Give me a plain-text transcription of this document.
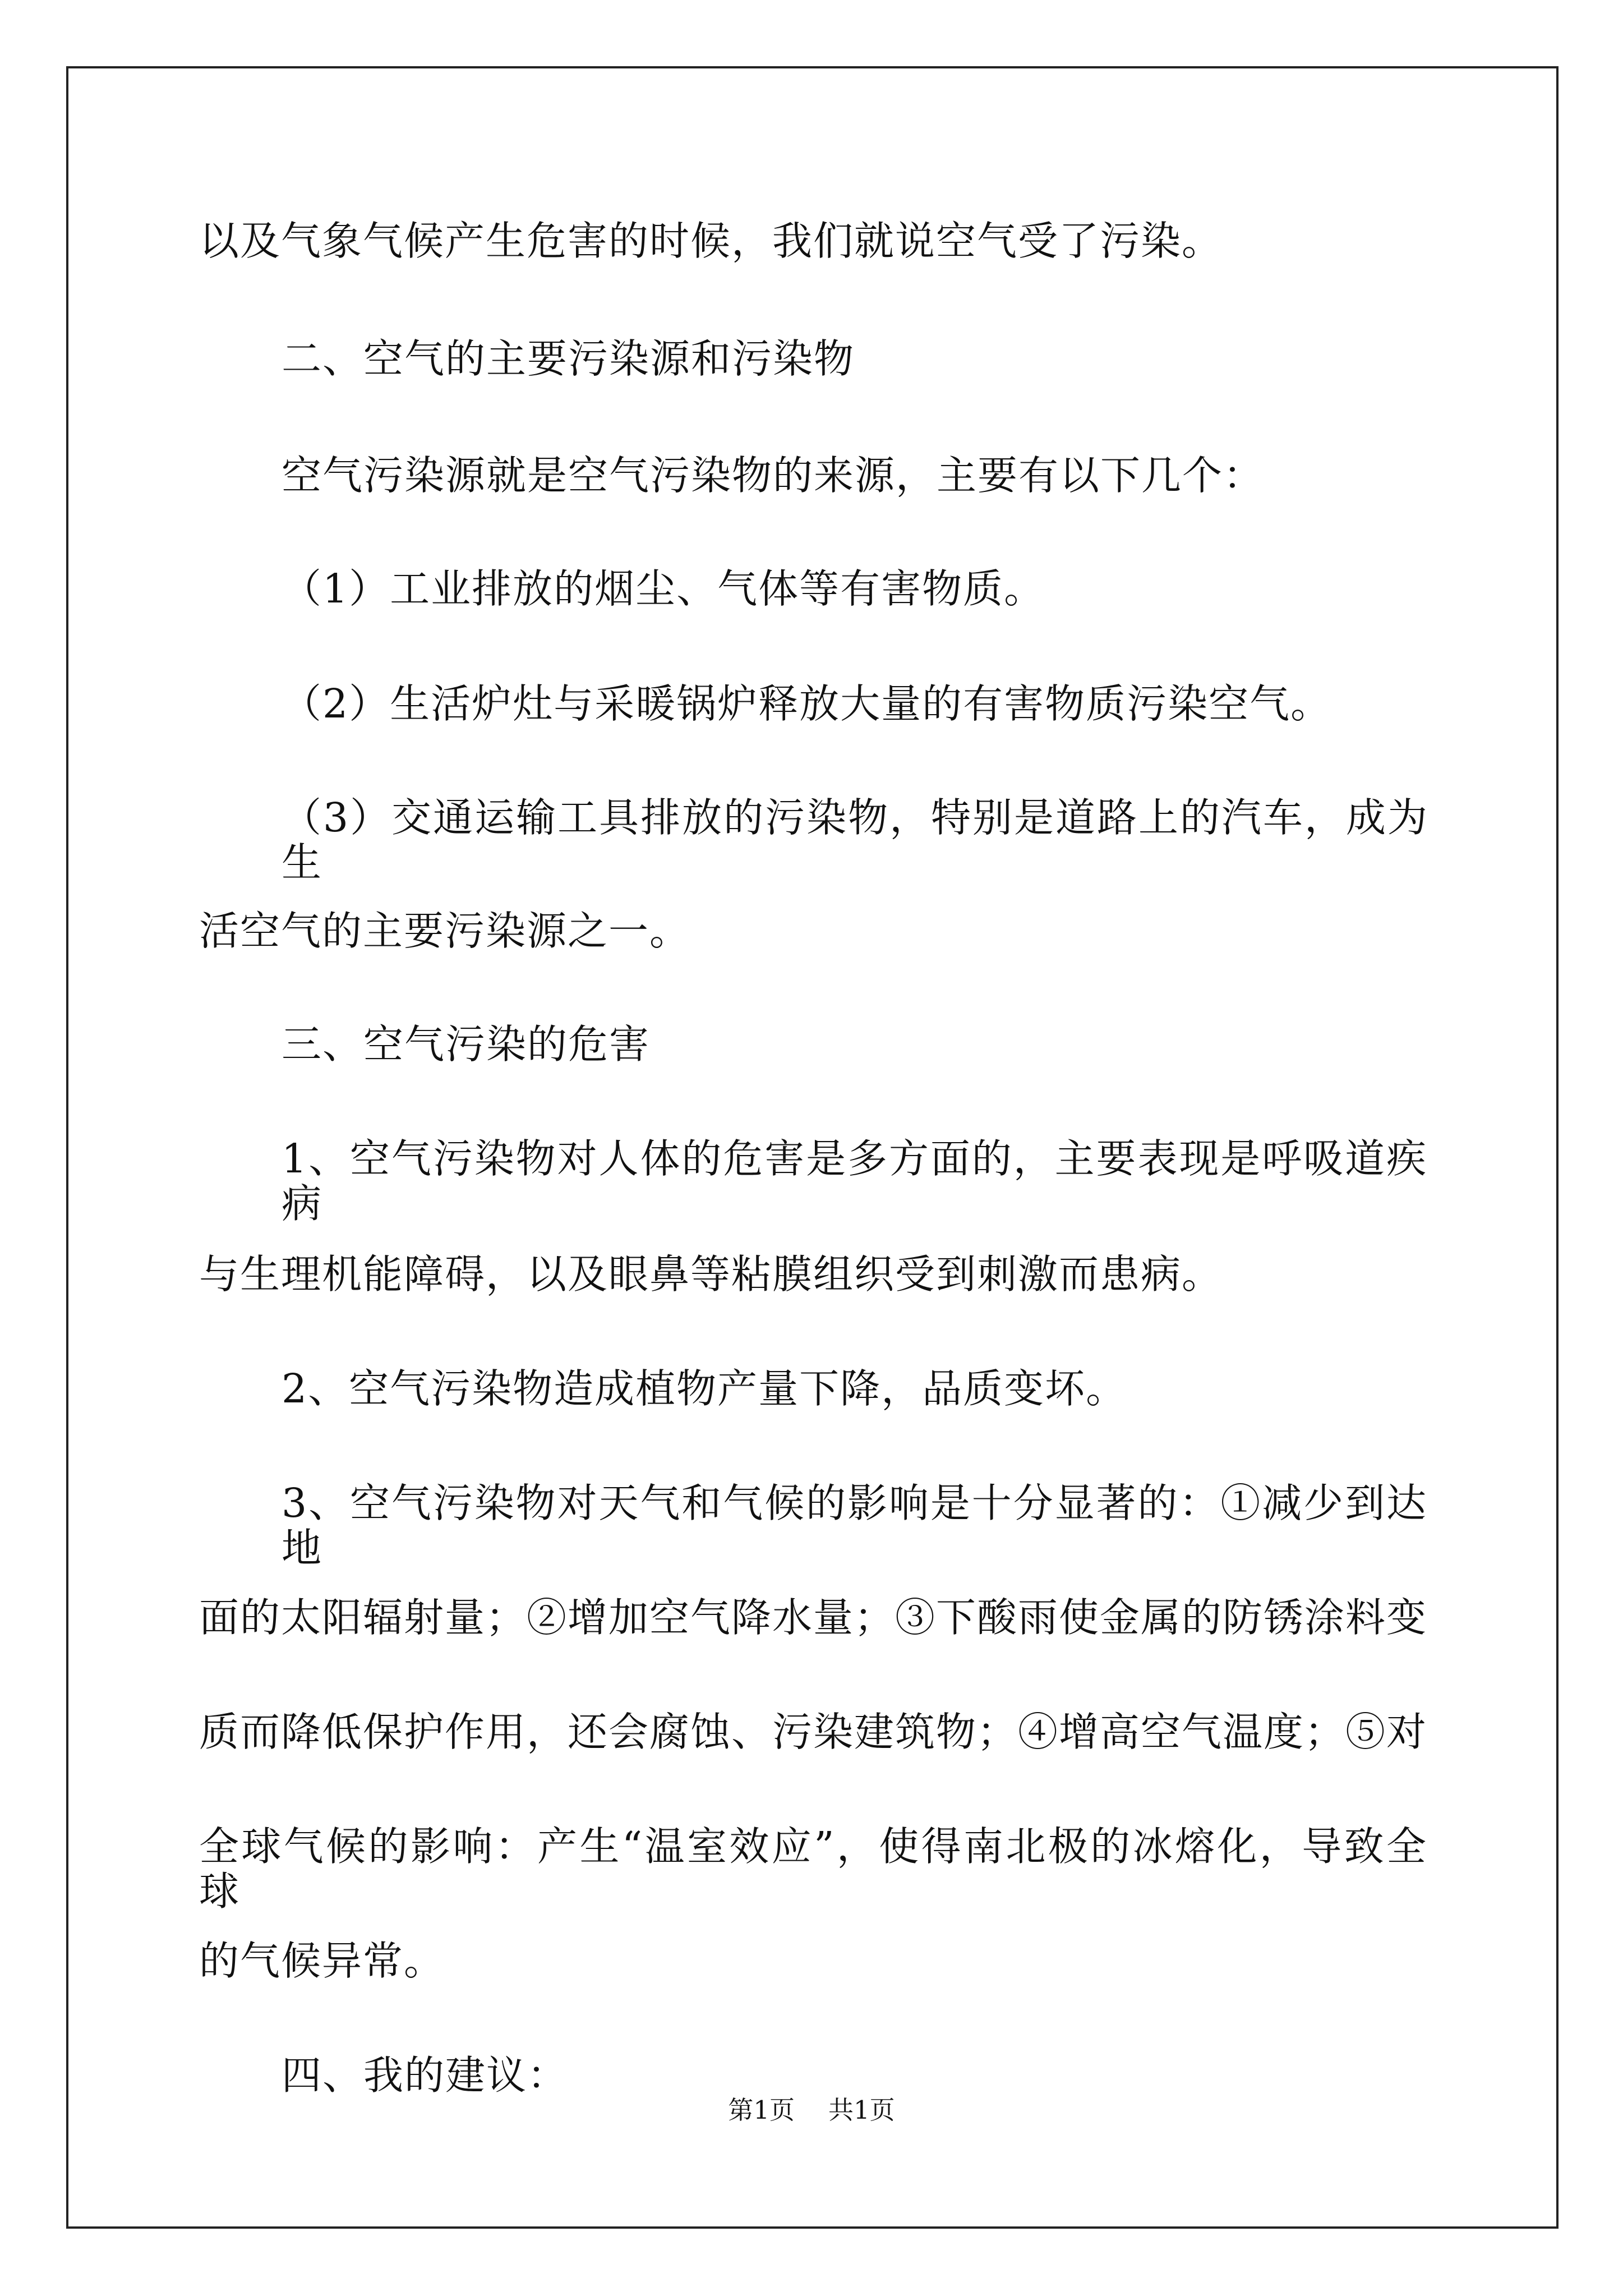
以及气象气候产生危害的时候，我们就说空气受了污染。
二、空气的主要污染源和污染物
空气污染源就是空气污染物的来源，主要有以下几个：
（1）工业排放的烟尘、气体等有害物质。
（2）生活炉灶与采暖锅炉释放大量的有害物质污染空气。
（3）交通运输工具排放的污染物，特别是道路上的汽车，成为生
活空气的主要污染源之一。
三、空气污染的危害
1、空气污染物对人体的危害是多方面的，主要表现是呼吸道疾病
与生理机能障碍，以及眼鼻等粘膜组织受到刺激而患病。
2、空气污染物造成植物产量下降，品质变坏。
3、空气污染物对天气和气候的影响是十分显著的：①减少到达地
面的太阳辐射量；②增加空气降水量；③下酸雨使金属的防锈涂料变
质而降低保护作用，还会腐蚀、污染建筑物；④增高空气温度；⑤对
全球气候的影响：产生“温室效应”，使得南北极的冰熔化，导致全球
的气候异常。
四、我的建议：
第1页 共1页
